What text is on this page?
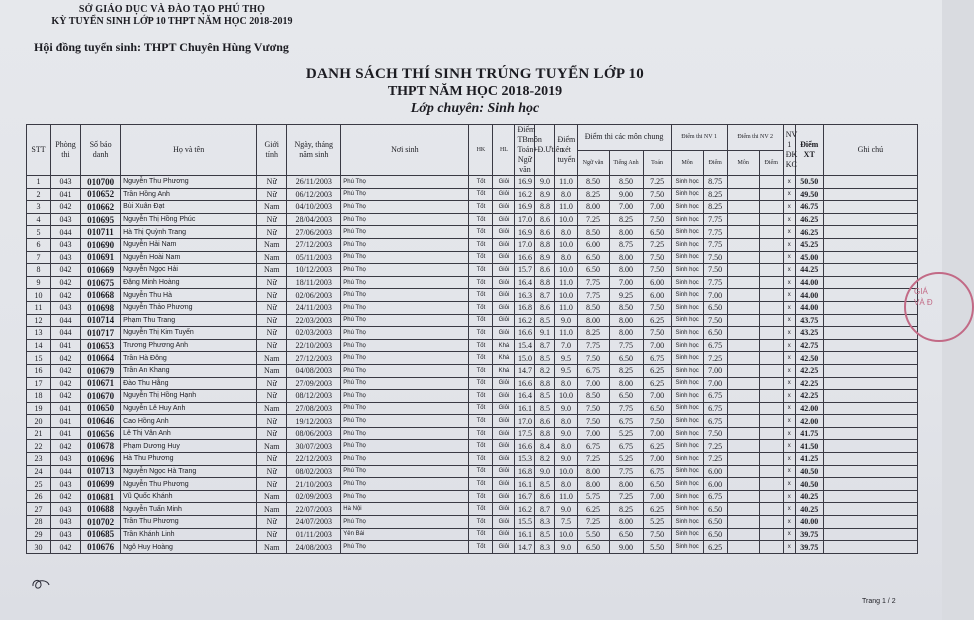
SỞ GIÁO DỤC VÀ ĐÀO TẠO PHÚ THỌ
KỲ TUYỂN SINH LỚP 10 THPT NĂM HỌC 2018-2019
Hội đồng tuyển sinh: THPT Chuyên Hùng Vương
DANH SÁCH THÍ SINH TRÚNG TUYỂN LỚP 10
THPT NĂM HỌC 2018-2019
Lớp chuyên: Sinh học
STT	Phòng thi	Số báo danh	Họ và tên	Giới tính	Ngày, tháng năm sinh	Nơi sinh	HK	HL	Điểm TBmôn Toán+ Ngữ văn	Đ.Ưtiên	Điểm xét tuyển	Điểm thi các môn chung			Điểm thi NV 1		Điểm thi NV 2		NV 1 ĐK KC	Điểm XT	Ghi chú
												Ngữ văn	Tiếng Anh	Toán	Môn	Điểm	Môn	Điểm			
1	043	010700	Nguyễn Thu Phương	Nữ	26/11/2003	Phú Thọ	Tốt	Giỏi	16.9	9.0	11.0	8.50	8.50	7.25	Sinh học	8.75			x	50.50	
2	041	010652	Trần Hồng Anh	Nữ	06/12/2003	Phú Thọ	Tốt	Giỏi	16.2	8.9	8.0	8.25	9.00	7.50	Sinh học	8.25			x	49.50	
3	042	010662	Bùi Xuân Đạt	Nam	04/10/2003	Phú Thọ	Tốt	Giỏi	16.9	8.8	11.0	8.00	7.00	7.00	Sinh học	8.25			x	46.75	
4	043	010695	Nguyễn Thị Hồng Phúc	Nữ	28/04/2003	Phú Thọ	Tốt	Giỏi	17.0	8.6	10.0	7.25	8.25	7.50	Sinh học	7.75			x	46.25	
5	044	010711	Hà Thị Quỳnh Trang	Nữ	27/06/2003	Phú Thọ	Tốt	Giỏi	16.9	8.6	8.0	8.50	8.00	6.50	Sinh học	7.75			x	46.25	
6	043	010690	Nguyễn Hải Nam	Nam	27/12/2003	Phú Thọ	Tốt	Giỏi	17.0	8.8	10.0	6.00	8.75	7.25	Sinh học	7.75			x	45.25	
7	043	010691	Nguyễn Hoài Nam	Nam	05/11/2003	Phú Thọ	Tốt	Giỏi	16.6	8.9	8.0	6.50	8.00	7.50	Sinh học	7.50			x	45.00	
8	042	010669	Nguyễn Ngọc Hải	Nam	10/12/2003	Phú Thọ	Tốt	Giỏi	15.7	8.6	10.0	6.50	8.00	7.50	Sinh học	7.50			x	44.25	
9	042	010675	Đặng Minh Hoàng	Nữ	18/11/2003	Phú Thọ	Tốt	Giỏi	16.4	8.8	11.0	7.75	7.00	6.00	Sinh học	7.75			x	44.00	
10	042	010668	Nguyễn Thu Hà	Nữ	02/06/2003	Phú Thọ	Tốt	Giỏi	16.3	8.7	10.0	7.75	9.25	6.00	Sinh học	7.00			x	44.00	
11	043	010698	Nguyễn Thảo Phương	Nữ	24/11/2003	Phú Thọ	Tốt	Giỏi	16.8	8.6	11.0	8.50	8.50	7.50	Sinh học	6.50			x	44.00	
12	044	010714	Phạm Thu Trang	Nữ	22/03/2003	Phú Thọ	Tốt	Giỏi	16.2	8.5	9.0	8.00	8.00	6.25	Sinh học	7.50			x	43.75	
13	044	010717	Nguyễn Thị Kim Tuyến	Nữ	02/03/2003	Phú Thọ	Tốt	Giỏi	16.6	9.1	11.0	8.25	8.00	7.50	Sinh học	6.50			x	43.25	
14	041	010653	Trương Phương Anh	Nữ	22/10/2003	Phú Thọ	Tốt	Khá	15.4	8.7	7.0	7.75	7.75	7.00	Sinh học	6.75			x	42.75	
15	042	010664	Trần Hà Đông	Nam	27/12/2003	Phú Thọ	Tốt	Khá	15.0	8.5	9.5	7.50	6.50	6.75	Sinh học	7.25			x	42.50	
16	042	010679	Trần An Khang	Nam	04/08/2003	Phú Thọ	Tốt	Khá	14.7	8.2	9.5	6.75	8.25	6.25	Sinh học	7.00			x	42.25	
17	042	010671	Đào Thu Hằng	Nữ	27/09/2003	Phú Thọ	Tốt	Giỏi	16.6	8.8	8.0	7.00	8.00	6.25	Sinh học	7.00			x	42.25	
18	042	010670	Nguyễn Thị Hồng Hạnh	Nữ	08/12/2003	Phú Thọ	Tốt	Giỏi	16.4	8.5	10.0	8.50	6.50	7.00	Sinh học	6.75			x	42.25	
19	041	010650	Nguyễn Lê Huy Anh	Nam	27/08/2003	Phú Thọ	Tốt	Giỏi	16.1	8.5	9.0	7.50	7.75	6.50	Sinh học	6.75			x	42.00	
20	041	010646	Cao Hồng Anh	Nữ	19/12/2003	Phú Thọ	Tốt	Giỏi	17.0	8.6	8.0	7.50	6.75	7.50	Sinh học	6.75			x	42.00	
21	041	010656	Lê Thị Vân Anh	Nữ	08/06/2003	Phú Thọ	Tốt	Giỏi	17.5	8.8	9.0	7.00	5.25	7.00	Sinh học	7.50			x	41.75	
22	042	010678	Phạm Dương Huy	Nam	30/07/2003	Phú Thọ	Tốt	Giỏi	16.6	8.4	8.0	6.75	6.75	6.25	Sinh học	7.25			x	41.50	
23	043	010696	Hà Thu Phương	Nữ	22/12/2003	Phú Thọ	Tốt	Giỏi	15.3	8.2	9.0	7.25	5.25	7.00	Sinh học	7.25			x	41.25	
24	044	010713	Nguyễn Ngọc Hà Trang	Nữ	08/02/2003	Phú Thọ	Tốt	Giỏi	16.8	9.0	10.0	8.00	7.75	6.75	Sinh học	6.00			x	40.50	
25	043	010699	Nguyễn Thu Phương	Nữ	21/10/2003	Phú Thọ	Tốt	Giỏi	16.1	8.5	8.0	8.00	8.00	6.50	Sinh học	6.00			x	40.50	
26	042	010681	Vũ Quốc Khánh	Nam	02/09/2003	Phú Thọ	Tốt	Giỏi	16.7	8.6	11.0	5.75	7.25	7.00	Sinh học	6.75			x	40.25	
27	043	010688	Nguyễn Tuấn Minh	Nam	22/07/2003	Hà Nội	Tốt	Giỏi	16.2	8.7	9.0	6.25	8.25	6.25	Sinh học	6.50			x	40.25	
28	043	010702	Trần Thu Phương	Nữ	24/07/2003	Phú Thọ	Tốt	Giỏi	15.5	8.3	7.5	7.25	8.00	5.25	Sinh học	6.50			x	40.00	
29	043	010685	Trần Khánh Linh	Nữ	01/11/2003	Yên Bái	Tốt	Giỏi	16.1	8.5	10.0	5.50	6.50	7.50	Sinh học	6.50			x	39.75	
30	042	010676	Ngô Huy Hoàng	Nam	24/08/2003	Phú Thọ	Tốt	Giỏi	14.7	8.3	9.0	6.50	9.00	5.50	Sinh học	6.25			x	39.75	
GIÁ
VÀ Đ
Trang 1 / 2
